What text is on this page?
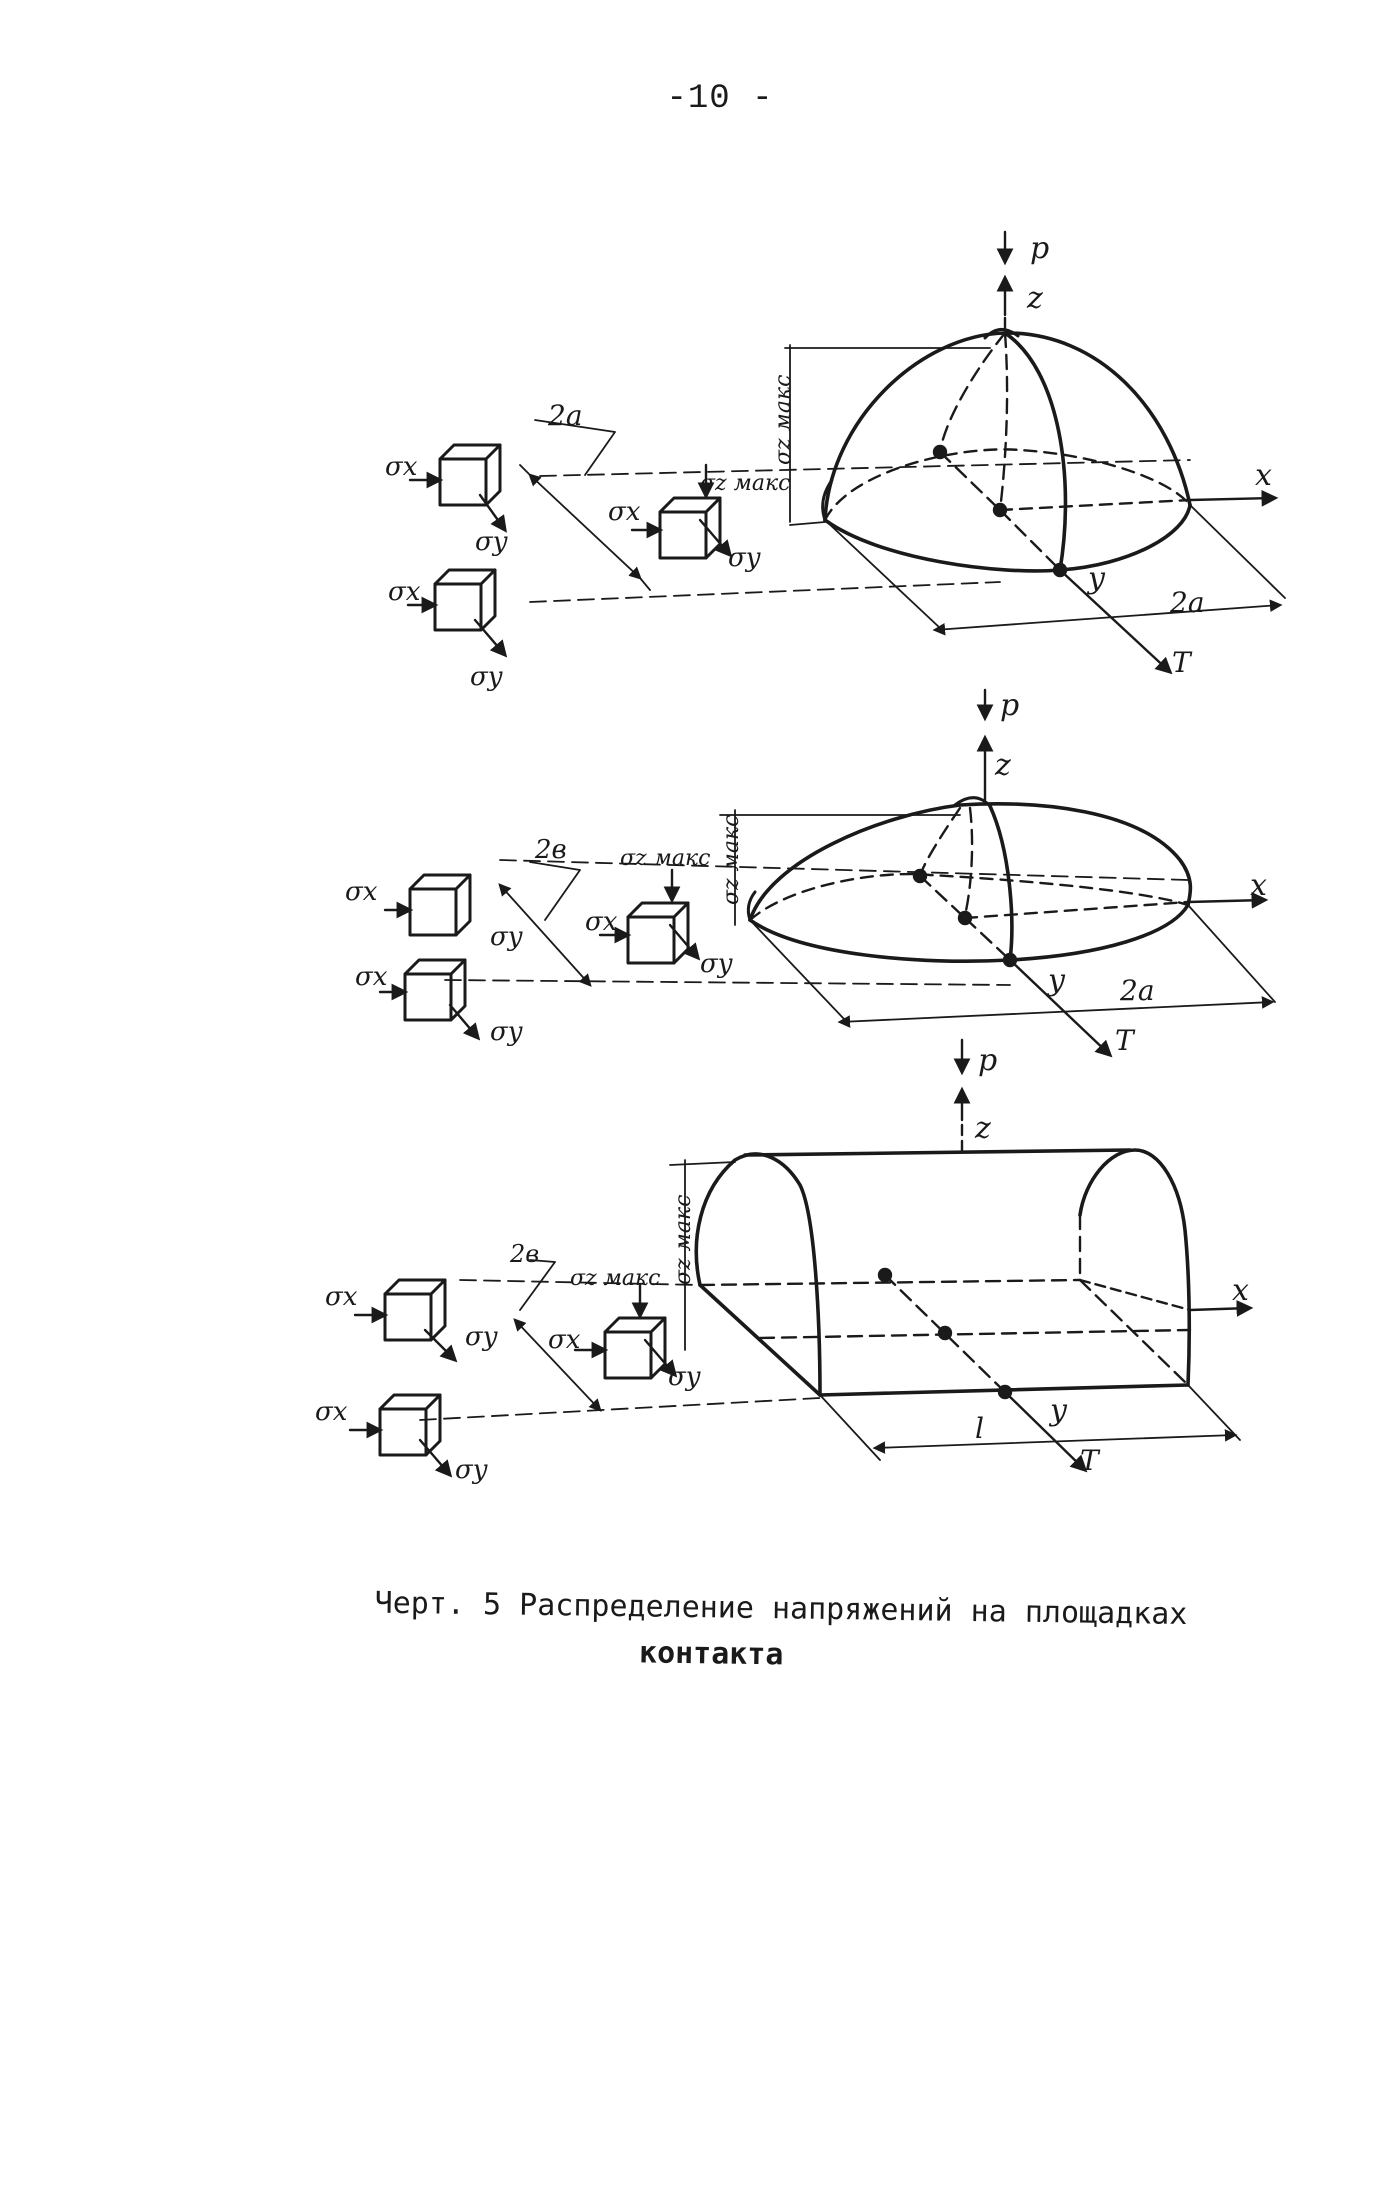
-10 -
p
z
x
y
T
2a
2a
σz макс
σz макс
σx
σy
σx
σy
σx
σy
p
z
x
y
T
2в
2a
σz макс
σz макс
σx
σy σx
σy
σx
σy
p
z
x
y
T
2в
l
σz макс
σz макс
σx
σy σx
σy
σx
σy
Черт. 5 Распределение напряжений на площадках
контакта
